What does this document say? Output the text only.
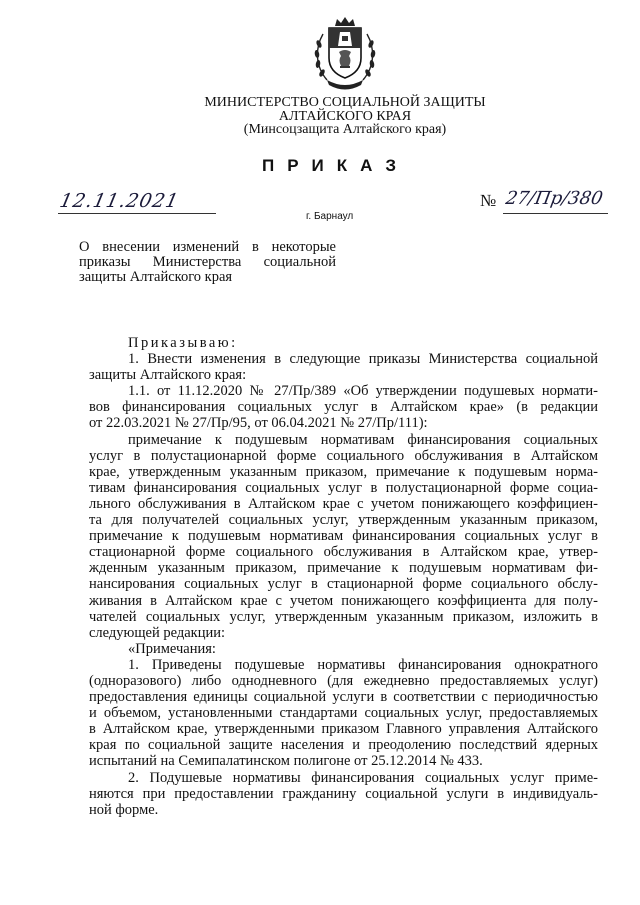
МИНИСТЕРСТВО СОЦИАЛЬНОЙ ЗАЩИТЫ
АЛТАЙСКОГО КРАЯ
(Минсоцзащита Алтайского края)
ПРИКАЗ
12.11.2021	№ 27/Пр/380
г. Барнаул
О внесении изменений в некоторые
приказы Министерства социальной
защиты Алтайского края
Приказываю:
1. Внести изменения в следующие приказы Министерства социальной
защиты Алтайского края:
1.1. от 11.12.2020 № 27/Пр/389 «Об утверждении подушевых нормати-
вов финансирования социальных услуг в Алтайском крае» (в редакции
от 22.03.2021 № 27/Пр/95, от 06.04.2021 № 27/Пр/111):
примечание к подушевым нормативам финансирования социальных
услуг в полустационарной форме социального обслуживания в Алтайском
крае, утвержденным указанным приказом, примечание к подушевым норма-
тивам финансирования социальных услуг в полустационарной форме социа-
льного обслуживания в Алтайском крае с учетом понижающего коэффициен-
та для получателей социальных услуг, утвержденным указанным приказом,
примечание к подушевым нормативам финансирования социальных услуг в
стационарной форме социального обслуживания в Алтайском крае, утвер-
жденным указанным приказом, примечание к подушевым нормативам фи-
нансирования социальных услуг в стационарной форме социального обслу-
живания в Алтайском крае с учетом понижающего коэффициента для полу-
чателей социальных услуг, утвержденным указанным приказом, изложить в
следующей редакции:
«Примечания:
1. Приведены подушевые нормативы финансирования однократного
(одноразового) либо однодневного (для ежедневно предоставляемых услуг)
предоставления единицы социальной услуги в соответствии с периодичностью
и объемом, установленными стандартами социальных услуг, предоставляемых
в Алтайском крае, утвержденными приказом Главного управления Алтайского
края по социальной защите населения и преодолению последствий ядерных
испытаний на Семипалатинском полигоне от 25.12.2014 № 433.
2. Подушевые нормативы финансирования социальных услуг приме-
няются при предоставлении гражданину социальной услуги в индивидуаль-
ной форме.
